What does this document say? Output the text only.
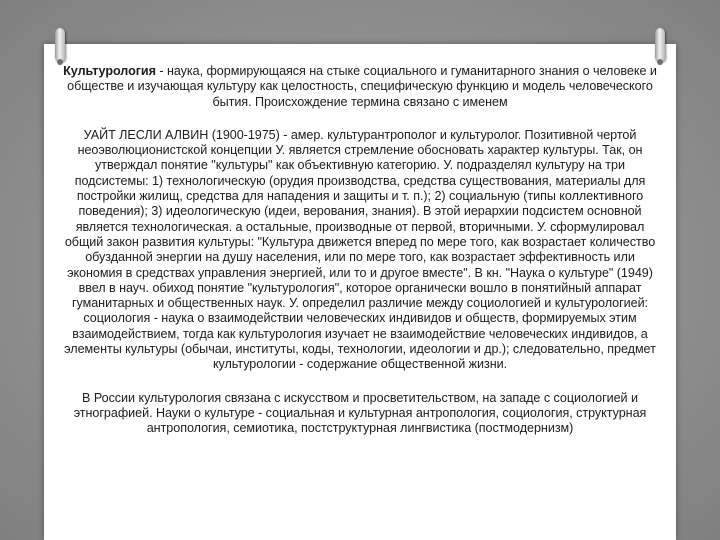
Культурология - наука, формирующаяся на стыке социального и гуманитарного знания о человеке и обществе и изучающая культуру как целостность, специфическую функцию и модель человеческого бытия. Происхождение термина связано с именем

УАЙТ ЛЕСЛИ АЛВИН (1900-1975) - амер. культурантрополог и культуролог. Позитивной чертой неоэволюционистской концепции У. является стремление обосновать характер культуры. Так, он утверждал понятие "культуры" как объективную категорию. У. подразделял культуру на три подсистемы: 1) технологическую (орудия производства, средства существования, материалы для постройки жилищ, средства для нападения и защиты и т. п.); 2) социальную (типы коллективного поведения); 3) идеологическую (идеи, верования, знания). В этой иерархии подсистем основной является технологическая. а остальные, производные от первой, вторичными. У. сформулировал общий закон развития культуры: "Культура движется вперед по мере того, как возрастает количество обузданной энергии на душу населения, или по мере того, как возрастает эффективность или экономия в средствах управления энергией, или то и другое вместе". В кн. "Наука о культуре" (1949) ввел в науч. обиход понятие "культурология", которое органически вошло в понятийный аппарат гуманитарных и общественных наук. У. определил различие между социологией и культурологией: социология - наука о взаимодействии человеческих индивидов и обществ, формируемых этим взаимодействием, тогда как культурология изучает не взаимодействие человеческих индивидов, а элементы культуры (обычаи, институты, коды, технологии, идеологии и др.); следовательно, предмет культурологии - содержание общественной жизни.

В России культурология связана с искусством и просветительством, на западе с социологией и этнографией. Науки о культуре - социальная и культурная антропология, социология, структурная антропология, семиотика, постструктурная лингвистика (постмодернизм)
